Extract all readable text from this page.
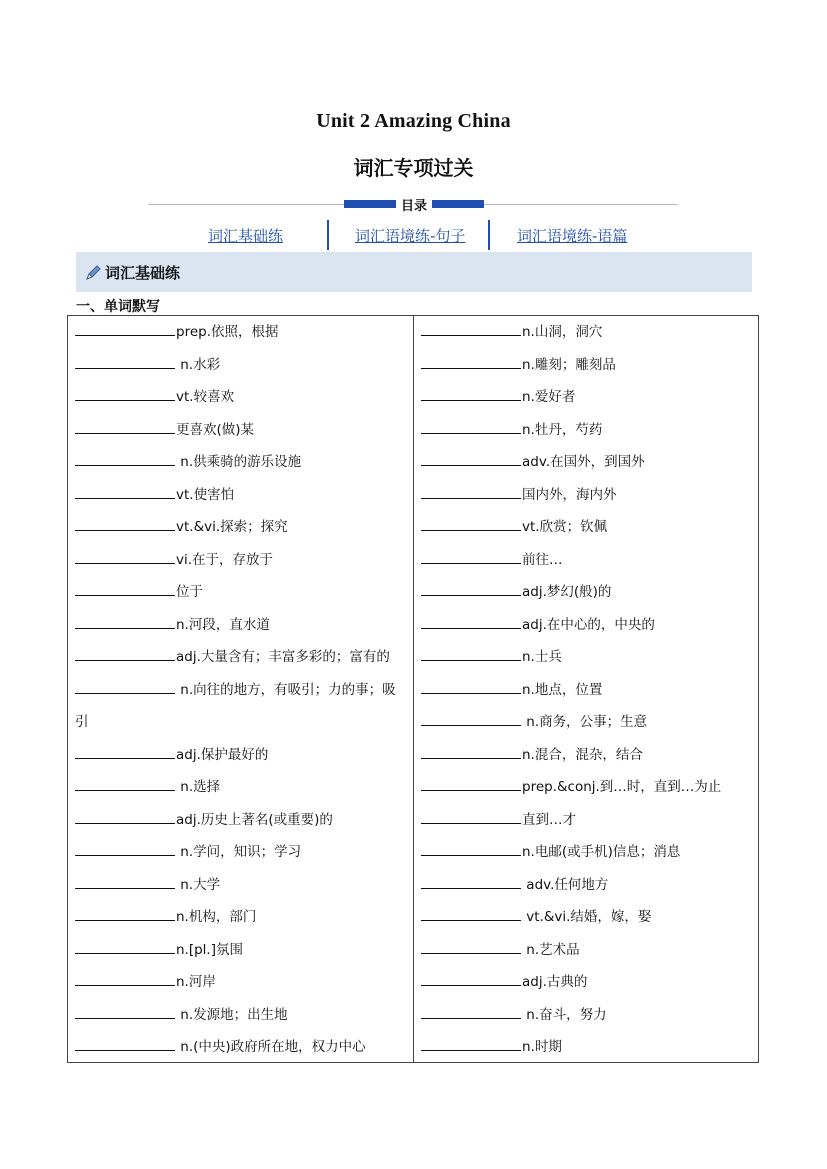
Unit 2 Amazing China
词汇专项过关
目录
词汇基础练	词汇语境练-句子	词汇语境练-语篇
词汇基础练
一、单词默写
prep.依照，根据
n.水彩
vt.较喜欢
更喜欢(做)某
n.供乘骑的游乐设施
vt.使害怕
vt.&vi.探索；探究
vi.在于，存放于
位于
n.河段，直水道
adj.大量含有；丰富多彩的；富有的
n.向往的地方，有吸引；力的事；吸引
adj.保护最好的
n.选择
adj.历史上著名(或重要)的
n.学问，知识；学习
n.大学
n.机构，部门
n.[pl.]氛围
n.河岸
n.发源地；出生地
n.(中央)政府所在地，权力中心
n.山洞，洞穴
n.雕刻；雕刻品
n.爱好者
n.牡丹，芍药
adv.在国外，到国外
国内外，海内外
vt.欣赏；钦佩
前往…
adj.梦幻(般)的
adj.在中心的，中央的
n.士兵
n.地点，位置
n.商务，公事；生意
n.混合，混杂，结合
prep.&conj.到…时，直到…为止
直到…才
n.电邮(或手机)信息；消息
adv.任何地方
vt.&vi.结婚，嫁，娶
n.艺术品
adj.古典的
n.奋斗，努力
n.时期
